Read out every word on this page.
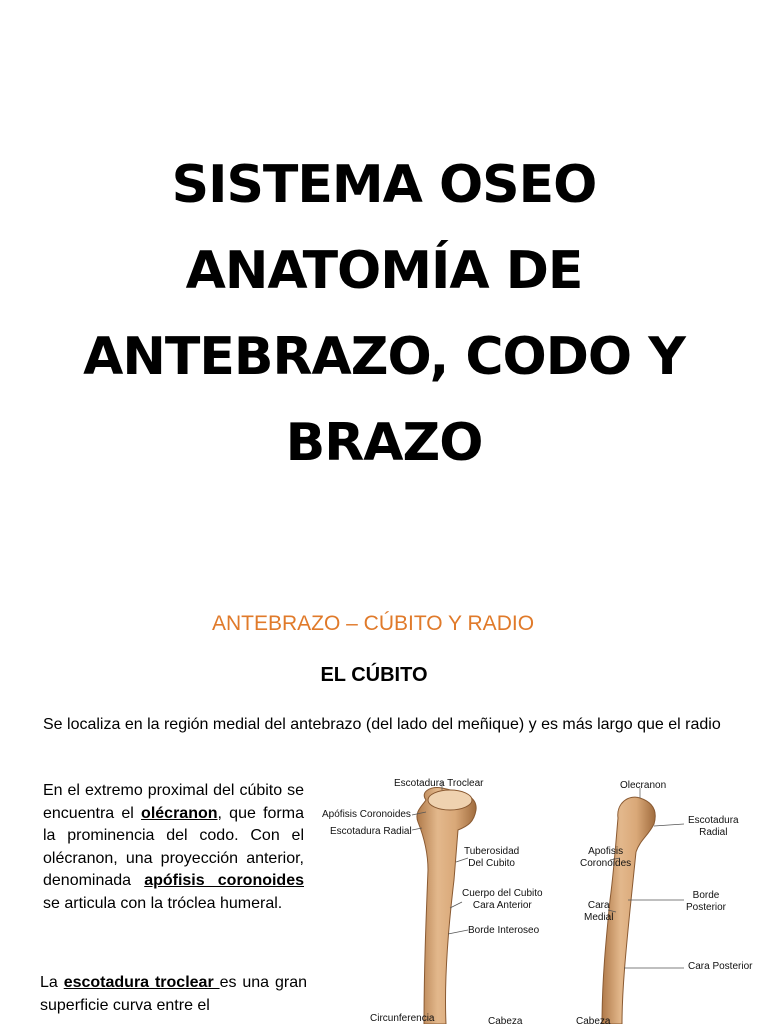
SISTEMA OSEO
ANATOMÍA DE
ANTEBRAZO, CODO Y
BRAZO
ANTEBRAZO – CÚBITO Y RADIO
EL CÚBITO
Se localiza en la región medial del antebrazo (del lado del meñique) y es más largo que el radio
En el extremo proximal del cúbito se encuentra el olécranon, que forma la prominencia del codo. Con el olécranon, una proyección anterior, denominada apófisis coronoides se articula con la tróclea humeral.
La escotadura troclear es una gran superficie curva entre el
Escotadura Troclear
Apófisis Coronoides
Escotadura Radial
Tuberosidad
Del Cubito
Cuerpo del Cubito
Cara Anterior
Borde Interoseo
Circunferencia	Cabeza
Olecranon
Escotadura
Radial
Apofisis
Coronoides
Cara
Medial
Borde
Posterior
Cara Posterior
Cabeza
